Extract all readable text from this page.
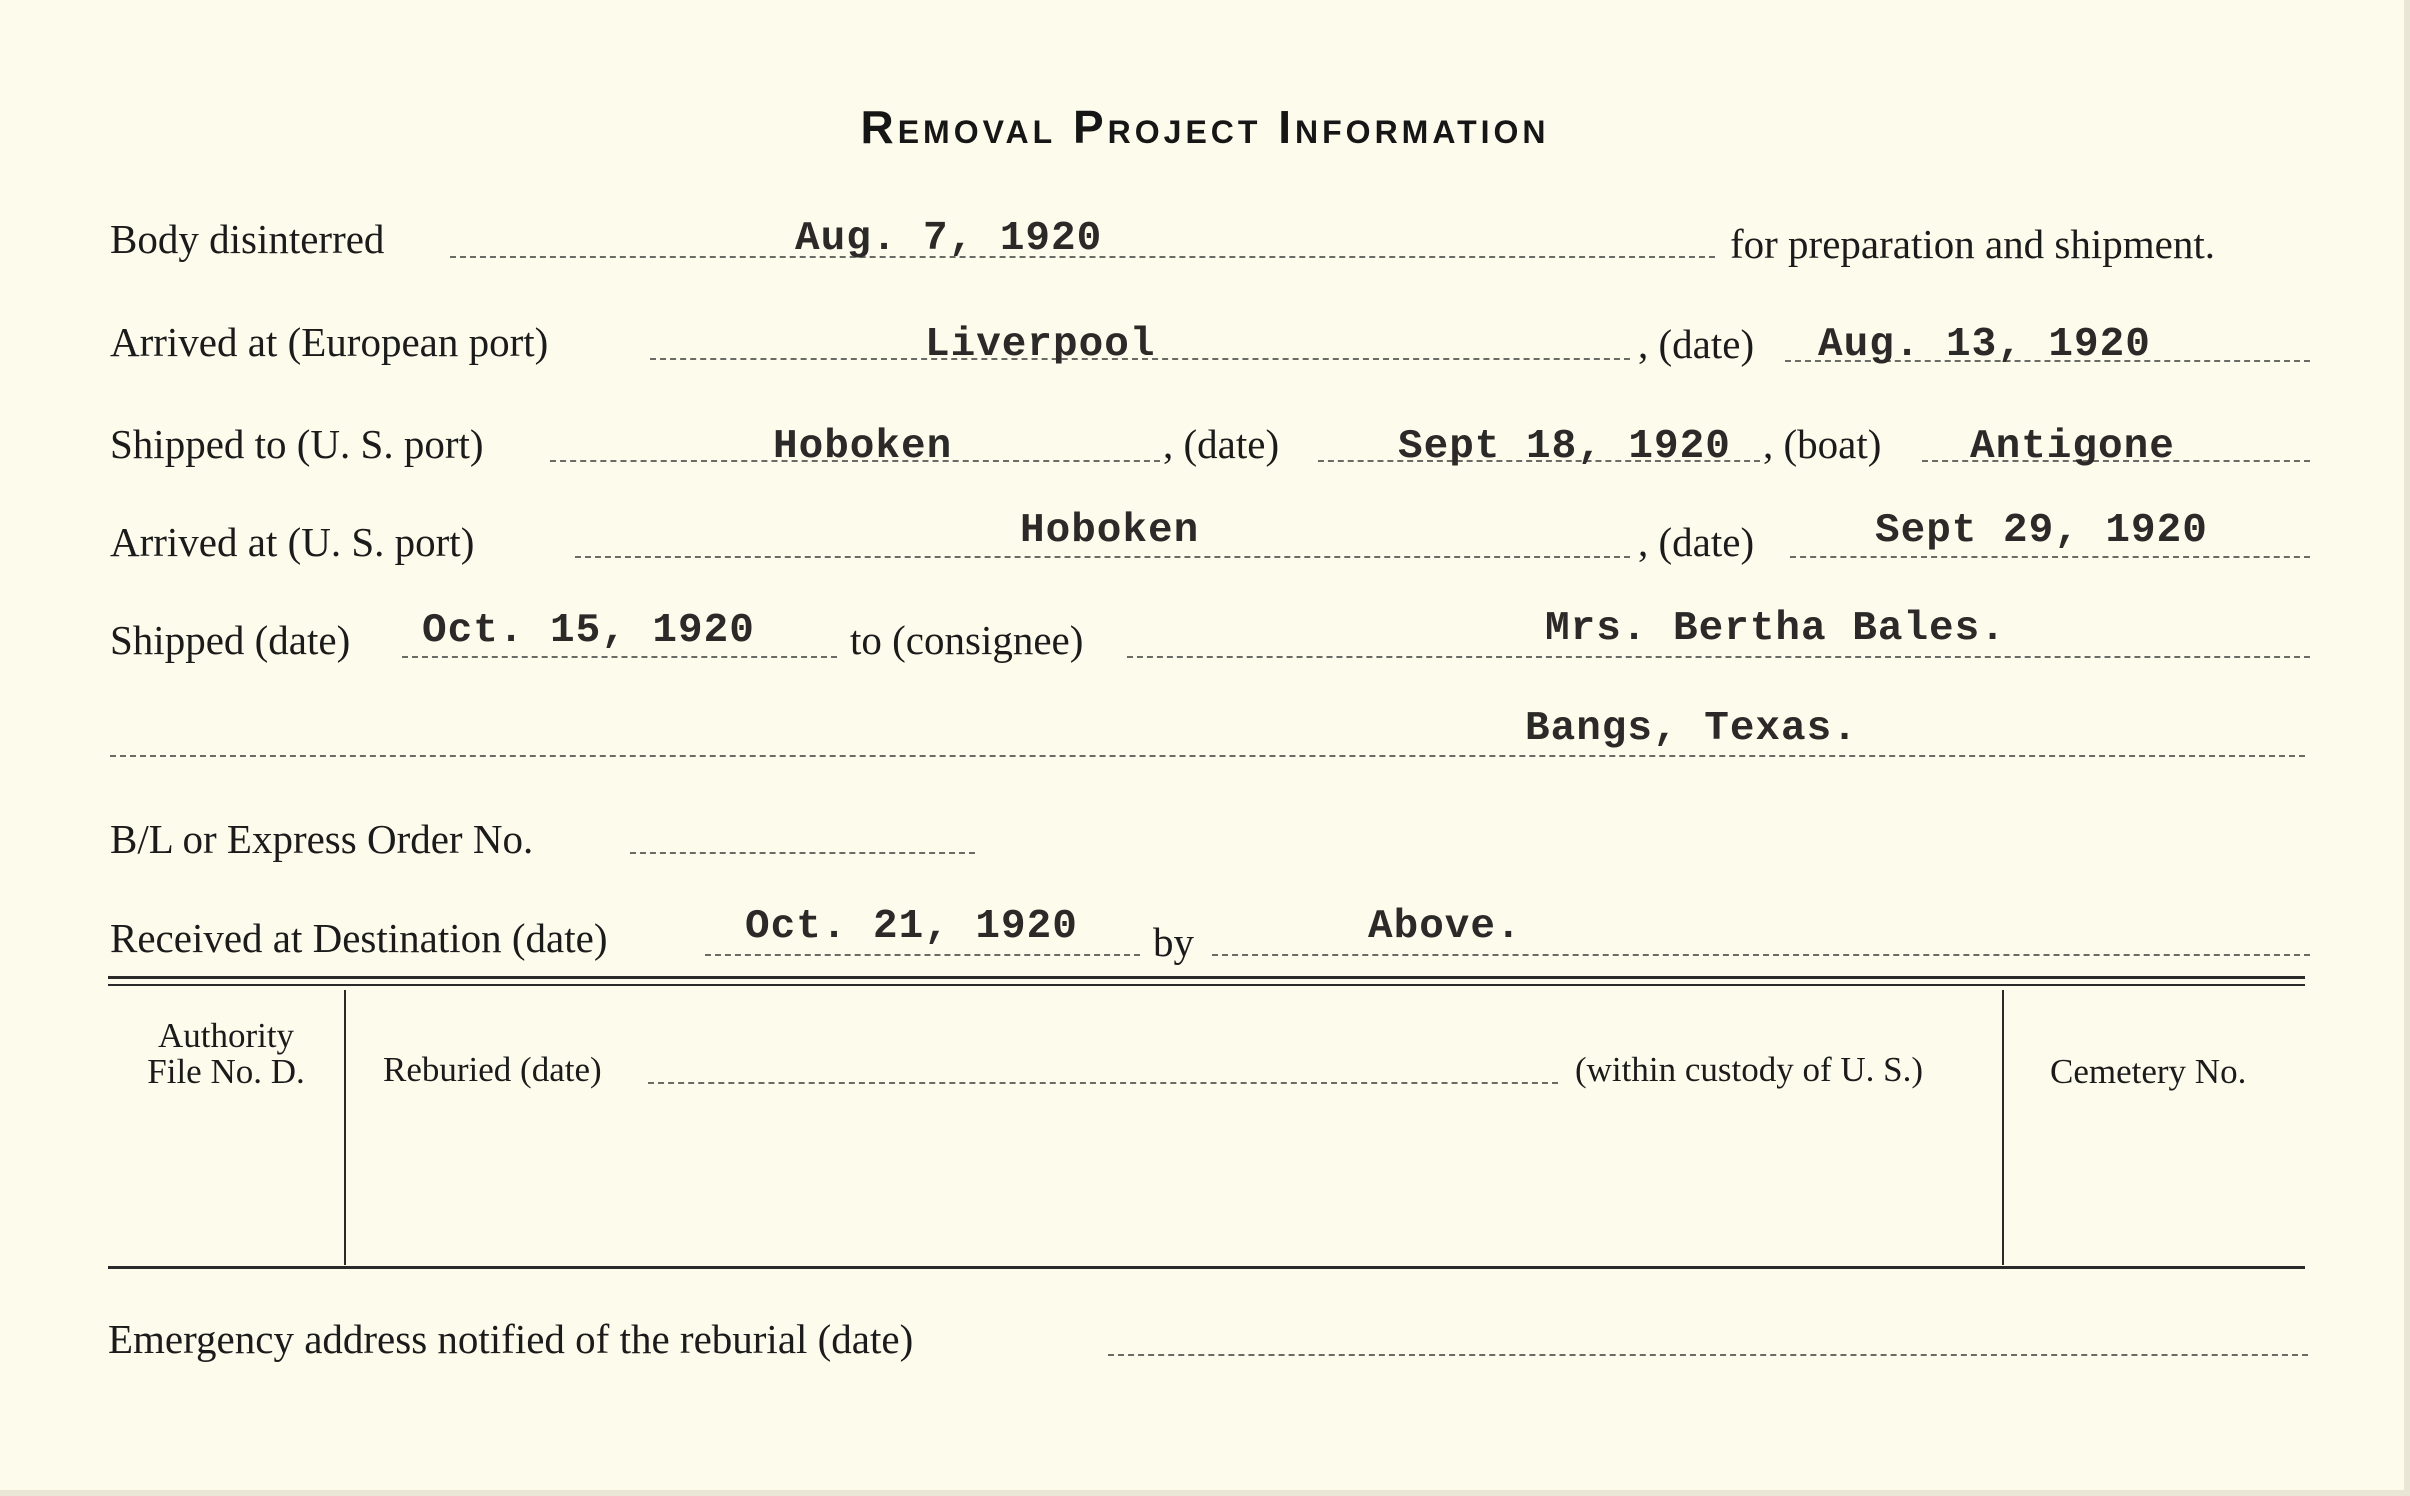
Removal Project Information
Body disinterred	Aug. 7, 1920	for preparation and shipment.
Arrived at (European port)	Liverpool	, (date) Aug. 13, 1920
Shipped to (U. S. port)	Hoboken	, (date)	Sept 18, 1920 , (boat) Antigone
Arrived at (U. S. port)	Hoboken	, (date)	Sept 29, 1920
Shipped (date) Oct. 15, 1920 to (consignee)	Mrs. Bertha Bales.
Bangs, Texas.
B/L or Express Order No.
Received at Destination (date)	Oct. 21, 1920 by	Above.
Authority
File No. D.	Reburied (date)	(within custody of U. S.)	Cemetery No.
Emergency address notified of the reburial (date)
